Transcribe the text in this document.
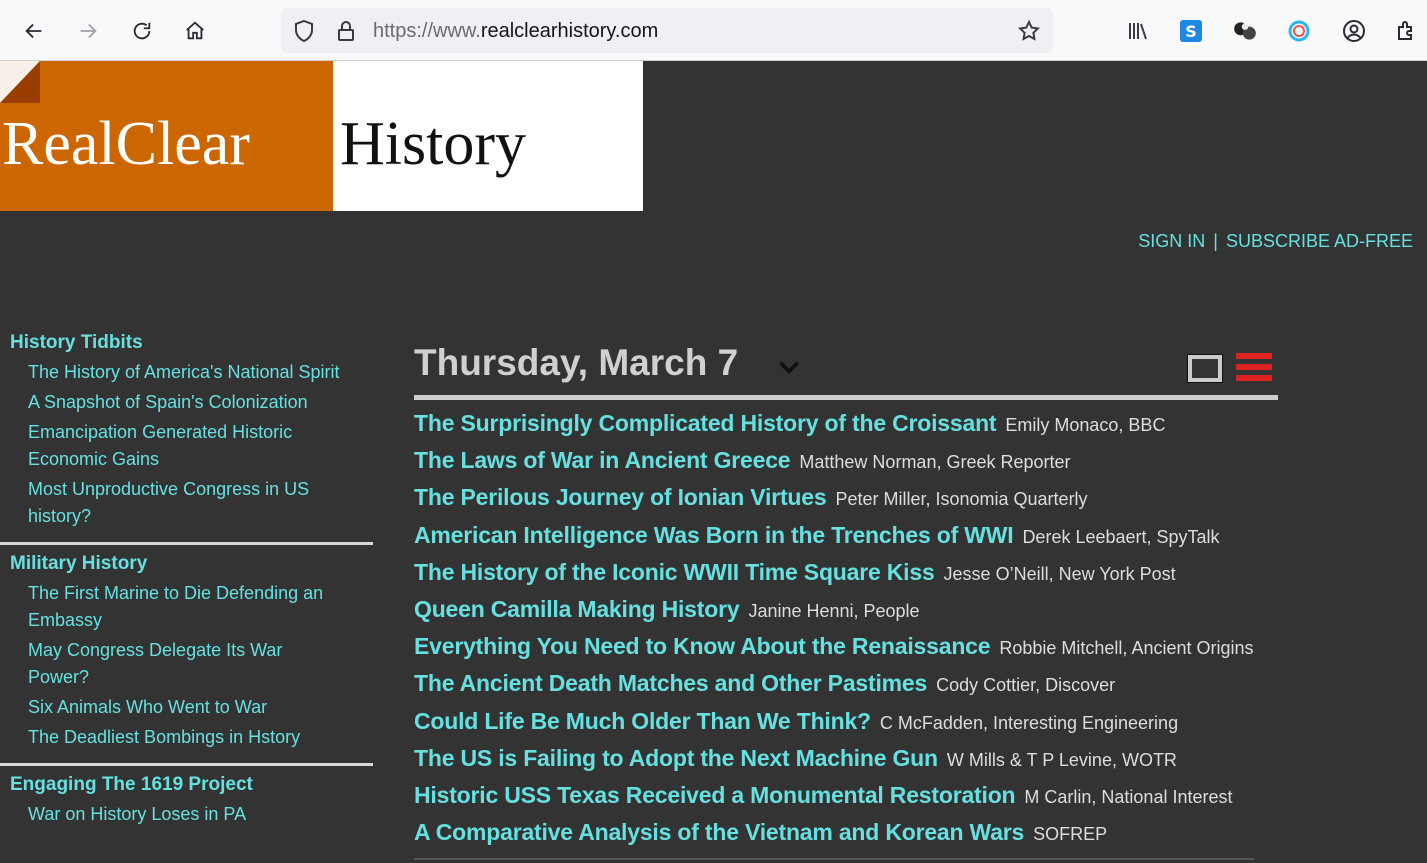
https://www.realclearhistory.com	S
RealClear History
SIGN IN | SUBSCRIBE AD-FREE
History Tidbits
The History of America's National Spirit
A Snapshot of Spain's Colonization
Emancipation Generated Historic Economic Gains
Most Unproductive Congress in US history?
Military History
The First Marine to Die Defending an Embassy
May Congress Delegate Its War Power?
Six Animals Who Went to War
The Deadliest Bombings in Hstory
Engaging The 1619 Project
War on History Loses in PA
Thursday, March 7
The Surprisingly Complicated History of the Croissant Emily Monaco, BBC
The Laws of War in Ancient Greece Matthew Norman, Greek Reporter
The Perilous Journey of Ionian Virtues Peter Miller, Isonomia Quarterly
American Intelligence Was Born in the Trenches of WWI Derek Leebaert, SpyTalk
The History of the Iconic WWII Time Square Kiss Jesse O’Neill, New York Post
Queen Camilla Making History Janine Henni, People
Everything You Need to Know About the Renaissance Robbie Mitchell, Ancient Origins
The Ancient Death Matches and Other Pastimes Cody Cottier, Discover
Could Life Be Much Older Than We Think? C McFadden, Interesting Engineering
The US is Failing to Adopt the Next Machine Gun W Mills & T P Levine, WOTR
Historic USS Texas Received a Monumental Restoration M Carlin, National Interest
A Comparative Analysis of the Vietnam and Korean Wars SOFREP
